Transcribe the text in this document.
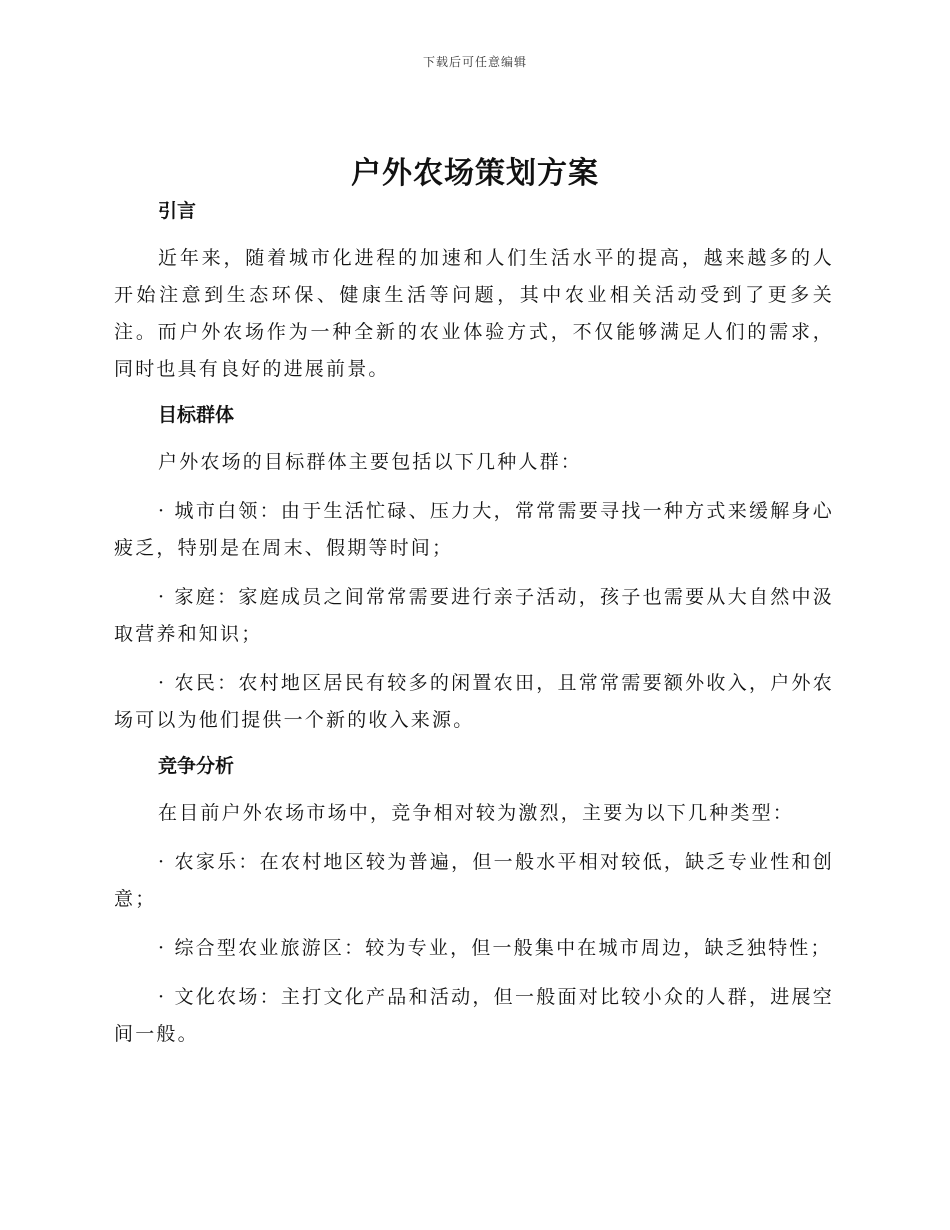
下载后可任意编辑
户外农场策划方案
引言

近年来，随着城市化进程的加速和人们生活水平的提高，越来越多的人开始注意到生态环保、健康生活等问题，其中农业相关活动受到了更多关注。而户外农场作为一种全新的农业体验方式，不仅能够满足人们的需求，同时也具有良好的进展前景。

目标群体

户外农场的目标群体主要包括以下几种人群：

· 城市白领：由于生活忙碌、压力大，常常需要寻找一种方式来缓解身心疲乏，特别是在周末、假期等时间；

· 家庭：家庭成员之间常常需要进行亲子活动，孩子也需要从大自然中汲取营养和知识；

· 农民：农村地区居民有较多的闲置农田，且常常需要额外收入，户外农场可以为他们提供一个新的收入来源。

竞争分析

在目前户外农场市场中，竞争相对较为激烈，主要为以下几种类型：

· 农家乐：在农村地区较为普遍，但一般水平相对较低，缺乏专业性和创意；

· 综合型农业旅游区：较为专业，但一般集中在城市周边，缺乏独特性；

· 文化农场：主打文化产品和活动，但一般面对比较小众的人群，进展空间一般。
